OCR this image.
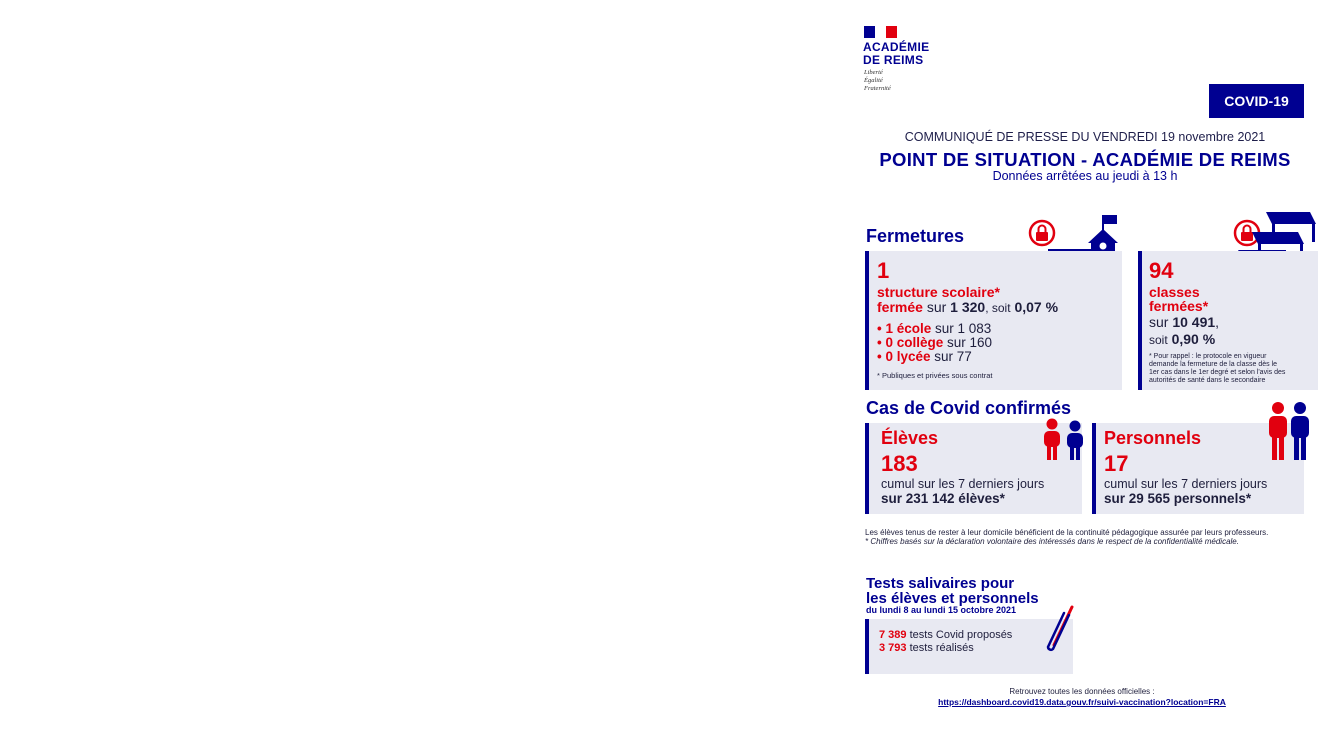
ACADÉMIE
DE REIMS
Liberté
Égalité
Fraternité
COVID-19
COMMUNIQUÉ DE PRESSE DU VENDREDI 19 novembre 2021
POINT DE SITUATION - ACADÉMIE DE REIMS
Données arrêtées au jeudi à 13 h
Fermetures
1
structure scolaire*
fermée sur 1 320, soit 0,07 %
• 1 école sur 1 083
• 0 collège sur 160
• 0 lycée sur 77
* Publiques et privées sous contrat
94
classes
fermées*
sur 10 491,
soit 0,90 %
* Pour rappel : le protocole en vigueur
demande la fermeture de la classe dès le
1er cas dans le 1er degré et selon l'avis des
autorités de santé dans le secondaire
Cas de Covid confirmés
Élèves
183
cumul sur les 7 derniers jours
sur 231 142 élèves*
Personnels
17
cumul sur les 7 derniers jours
sur 29 565 personnels*
Les élèves tenus de rester à leur domicile bénéficient de la continuité pédagogique assurée par leurs professeurs.
* Chiffres basés sur la déclaration volontaire des intéressés dans le respect de la confidentialité médicale.
Tests salivaires pour
les élèves et personnels
du lundi 8 au lundi 15 octobre 2021
7 389 tests Covid proposés
3 793 tests réalisés
Retrouvez toutes les données officielles :
https://dashboard.covid19.data.gouv.fr/suivi-vaccination?location=FRA
